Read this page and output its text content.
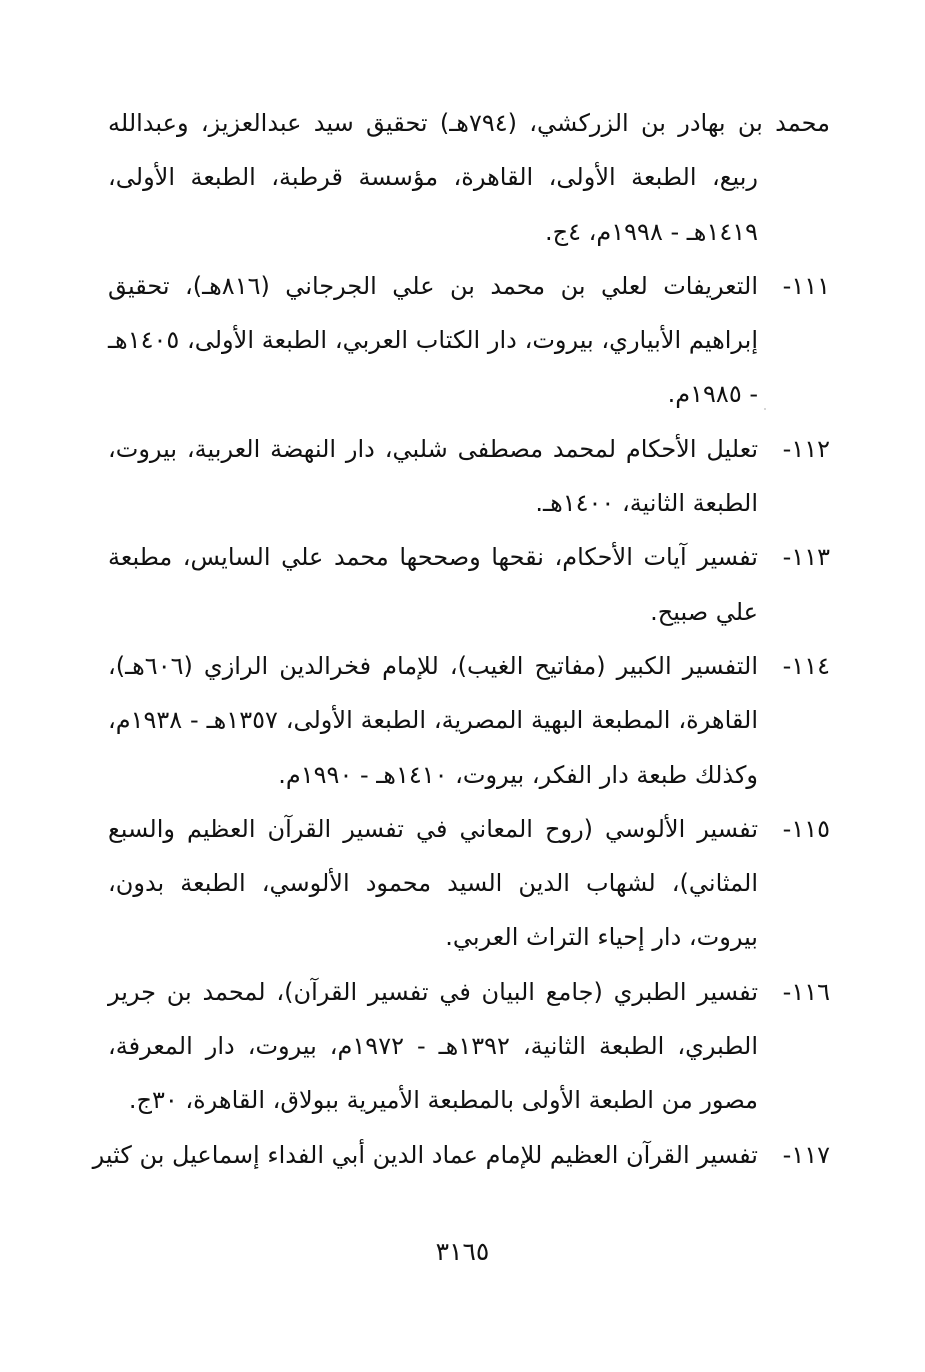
محمد بن بهادر بن الزركشي، (٧٩٤هـ) تحقيق سيد عبدالعزيز، وعبدالله ربيع، الطبعة الأولى، القاهرة، مؤسسة قرطبة، الطبعة الأولى، ١٤١٩هـ - ١٩٩٨م، ٤ج.

١١١-التعريفات لعلي بن محمد بن علي الجرجاني (٨١٦هـ)، تحقيق إبراهيم الأبياري، بيروت، دار الكتاب العربي، الطبعة الأولى، ١٤٠٥هـ - ١٩٨٥م.

١١٢-تعليل الأحكام لمحمد مصطفى شلبي، دار النهضة العربية، بيروت، الطبعة الثانية، ١٤٠٠هـ.

١١٣-تفسير آيات الأحكام، نقحها وصححها محمد علي السايس، مطبعة علي صبيح.

١١٤-التفسير الكبير (مفاتيح الغيب)، للإمام فخرالدين الرازي (٦٠٦هـ)، القاهرة، المطبعة البهية المصرية، الطبعة الأولى، ١٣٥٧هـ - ١٩٣٨م، وكذلك طبعة دار الفكر، بيروت، ١٤١٠هـ - ١٩٩٠م.

١١٥-تفسير الألوسي (روح المعاني في تفسير القرآن العظيم والسبع المثاني)، لشهاب الدين السيد محمود الألوسي، الطبعة بدون، بيروت، دار إحياء التراث العربي.

١١٦-تفسير الطبري (جامع البيان في تفسير القرآن)، لمحمد بن جرير الطبري، الطبعة الثانية، ١٣٩٢هـ - ١٩٧٢م، بيروت، دار المعرفة، مصور من الطبعة الأولى بالمطبعة الأميرية ببولاق، القاهرة، ٣٠ج.

١١٧-تفسير القرآن العظيم للإمام عماد الدين أبي الفداء إسماعيل بن كثير

٣١٦٥
